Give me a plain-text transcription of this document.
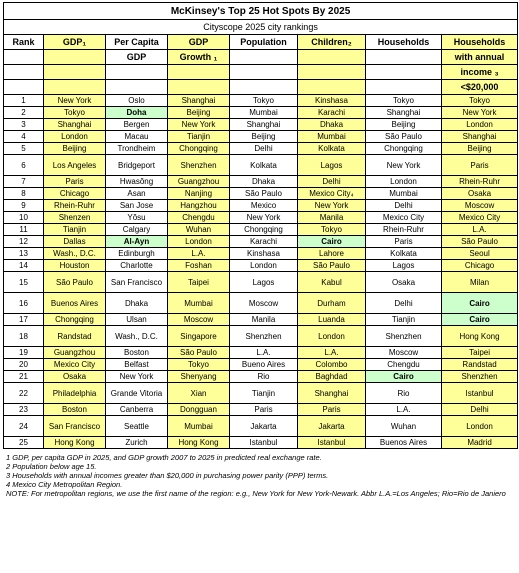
McKinsey's Top 25 Hot Spots By 2025							
Cityscope 2025 city rankings							
Rank	GDP₁	Per Capita	GDP	Population	Children₂	Households	Households
		GDP	Growth ₁				with annual
							income ₃
							<$20,000
1	New York	Oslo	Shanghai	Tokyo	Kinshasa	Tokyo	Tokyo
2	Tokyo	Doha	Beijing	Mumbai	Karachi	Shanghai	New York
3	Shanghai	Bergen	New York	Shanghai	Dhaka	Beijing	London
4	London	Macau	Tianjin	Beijing	Mumbai	São Paulo	Shanghai
5	Beijing	Trondheim	Chongqing	Delhi	Kolkata	Chongqing	Beijing
6	Los Angeles	Bridgeport	Shenzhen	Kolkata	Lagos	New York	Paris
7	Paris	Hwasŏng	Guangzhou	Dhaka	Delhi	London	Rhein-Ruhr
8	Chicago	Asan	Nanjing	São Paulo	Mexico City₄	Mumbai	Osaka
9	Rhein-Ruhr	San Jose	Hangzhou	Mexico	New York	Delhi	Moscow
10	Shenzen	Yŏsu	Chengdu	New York	Manila	Mexico City	Mexico City
11	Tianjin	Calgary	Wuhan	Chongqing	Tokyo	Rhein-Ruhr	L.A.
12	Dallas	Al-Ayn	London	Karachi	Cairo	Paris	São Paulo
13	Wash., D.C.	Edinburgh	L.A.	Kinshasa	Lahore	Kolkata	Seoul
14	Houston	Charlotte	Foshan	London	São Paulo	Lagos	Chicago
15	São Paulo	San Francisco	Taipei	Lagos	Kabul	Osaka	Milan
16	Buenos Aires	Dhaka	Mumbai	Moscow	Durham	Delhi	Cairo
17	Chongqing	Ulsan	Moscow	Manila	Luanda	Tianjin	Cairo
18	Randstad	Wash., D.C.	Singapore	Shenzhen	London	Shenzhen	Hong Kong
19	Guangzhou	Boston	São Paulo	L.A.	L.A.	Moscow	Taipei
20	Mexico City	Belfast	Tokyo	Bueno Aires	Colombo	Chengdu	Randstad
21	Osaka	New York	Shenyang	Rio	Baghdad	Cairo	Shenzhen
22	Philadelphia	Grande Vitoria	Xian	Tianjin	Shanghai	Rio	Istanbul
23	Boston	Canberra	Dongguan	Paris	Paris	L.A.	Delhi
24	San Francisco	Seattle	Mumbai	Jakarta	Jakarta	Wuhan	London
25	Hong Kong	Zurich	Hong Kong	Istanbul	Istanbul	Buenos Aires	Madrid
1 GDP, per capita GDP in 2025, and GDP growth 2007 to 2025 in predicted real exchange rate.
2 Population below age 15.
3 Households with annual incomes greater than $20,000 in purchasing power parity (PPP) terms.
4 Mexico City Metropolitan Region.
NOTE: For metropolitan regions, we use the first name of the region: e.g., New York for New York-Newark. Abbr L.A.=Los Angeles; Rio=Rio de Janiero
